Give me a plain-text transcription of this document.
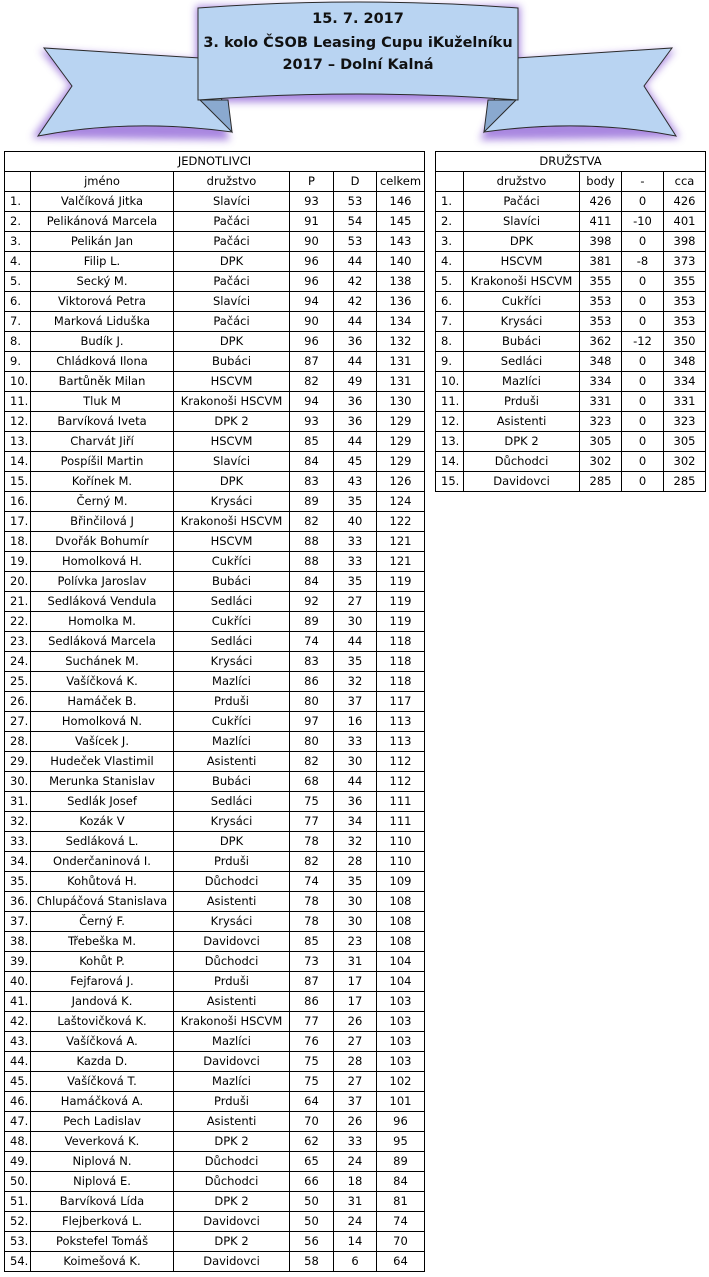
15. 7. 2017
3. kolo ČSOB Leasing Cupu iKuželníku
2017 – Dolní Kalná
JEDNOTLIVCI					
	jméno	družstvo	P	D	celkem
1.	Valčíková Jitka	Slavíci	93	53	146
2.	Pelikánová Marcela	Pačáci	91	54	145
3.	Pelikán Jan	Pačáci	90	53	143
4.	Filip L.	DPK	96	44	140
5.	Secký M.	Pačáci	96	42	138
6.	Viktorová Petra	Slavíci	94	42	136
7.	Marková Liduška	Pačáci	90	44	134
8.	Budík J.	DPK	96	36	132
9.	Chládková Ilona	Bubáci	87	44	131
10.	Bartůněk Milan	HSCVM	82	49	131
11.	Tluk M	Krakonoši HSCVM	94	36	130
12.	Barvíková Iveta	DPK 2	93	36	129
13.	Charvát Jiří	HSCVM	85	44	129
14.	Pospíšil Martin	Slavíci	84	45	129
15.	Kořínek M.	DPK	83	43	126
16.	Černý M.	Krysáci	89	35	124
17.	Břinčilová J	Krakonoši HSCVM	82	40	122
18.	Dvořák Bohumír	HSCVM	88	33	121
19.	Homolková H.	Cukříci	88	33	121
20.	Polívka Jaroslav	Bubáci	84	35	119
21.	Sedláková Vendula	Sedláci	92	27	119
22.	Homolka M.	Cukříci	89	30	119
23.	Sedláková Marcela	Sedláci	74	44	118
24.	Suchánek M.	Krysáci	83	35	118
25.	Vašíčková K.	Mazlíci	86	32	118
26.	Hamáček B.	Prduši	80	37	117
27.	Homolková N.	Cukříci	97	16	113
28.	Vašícek J.	Mazlíci	80	33	113
29.	Hudeček Vlastimil	Asistenti	82	30	112
30.	Merunka Stanislav	Bubáci	68	44	112
31.	Sedlák Josef	Sedláci	75	36	111
32.	Kozák V	Krysáci	77	34	111
33.	Sedláková L.	DPK	78	32	110
34.	Onderčaninová I.	Prduši	82	28	110
35.	Kohůtová H.	Důchodci	74	35	109
36.	Chlupáčová Stanislava	Asistenti	78	30	108
37.	Černý F.	Krysáci	78	30	108
38.	Třebeška M.	Davidovci	85	23	108
39.	Kohůt P.	Důchodci	73	31	104
40.	Fejfarová J.	Prduši	87	17	104
41.	Jandová K.	Asistenti	86	17	103
42.	Laštovičková K.	Krakonoši HSCVM	77	26	103
43.	Vašíčková A.	Mazlíci	76	27	103
44.	Kazda D.	Davidovci	75	28	103
45.	Vašíčková T.	Mazlíci	75	27	102
46.	Hamáčková A.	Prduši	64	37	101
47.	Pech Ladislav	Asistenti	70	26	96
48.	Veverková K.	DPK 2	62	33	95
49.	Niplová N.	Důchodci	65	24	89
50.	Niplová E.	Důchodci	66	18	84
51.	Barvíková Lída	DPK 2	50	31	81
52.	Flejberková L.	Davidovci	50	24	74
53.	Pokstefel Tomáš	DPK 2	56	14	70
54.	Koimešová K.	Davidovci	58	6	64
DRUŽSTVA				
	družstvo	body	-	cca
1.	Pačáci	426	0	426
2.	Slavíci	411	-10	401
3.	DPK	398	0	398
4.	HSCVM	381	-8	373
5.	Krakonoši HSCVM	355	0	355
6.	Cukříci	353	0	353
7.	Krysáci	353	0	353
8.	Bubáci	362	-12	350
9.	Sedláci	348	0	348
10.	Mazlíci	334	0	334
11.	Prduši	331	0	331
12.	Asistenti	323	0	323
13.	DPK 2	305	0	305
14.	Důchodci	302	0	302
15.	Davidovci	285	0	285
